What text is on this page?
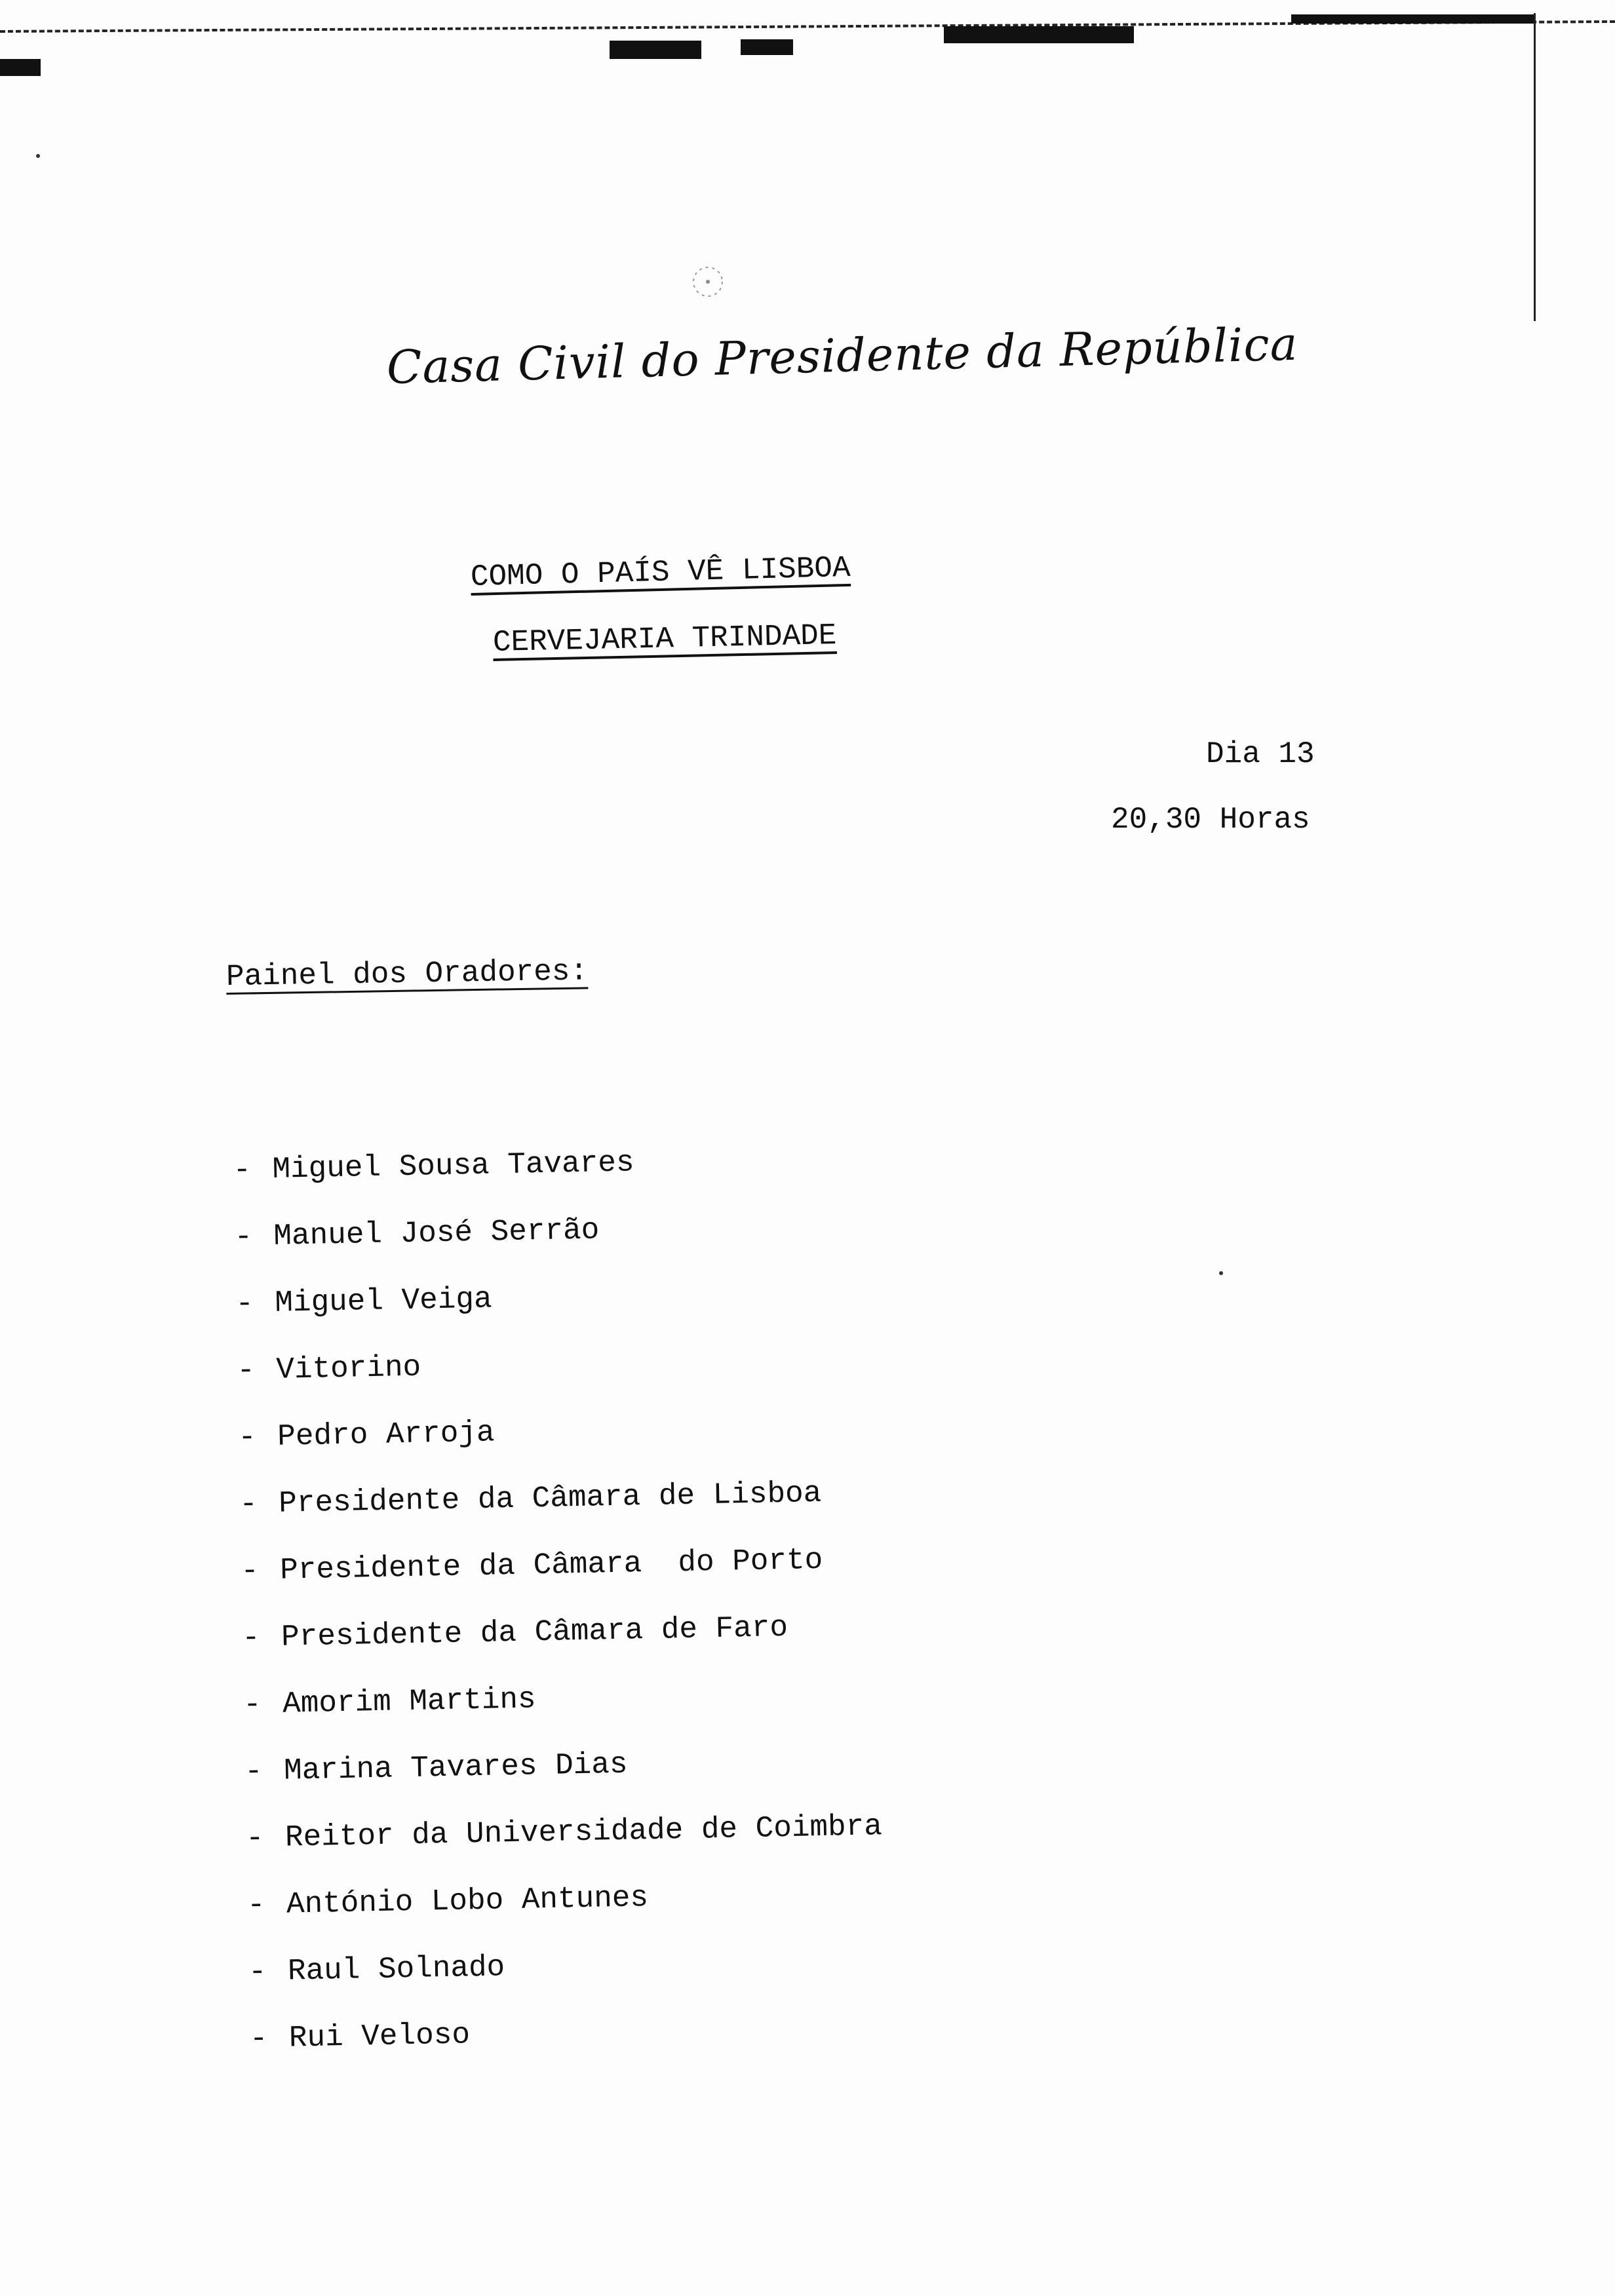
Casa Civil do Presidente da República
COMO O PAÍS VÊ LISBOA
CERVEJARIA TRINDADE
Dia 13
20,30 Horas
Painel dos Oradores:
- Miguel Sousa Tavares
- Manuel José Serrão
- Miguel Veiga
- Vitorino
- Pedro Arroja
- Presidente da Câmara de Lisboa
- Presidente da Câmara  do Porto
- Presidente da Câmara de Faro
- Amorim Martins
- Marina Tavares Dias
- Reitor da Universidade de Coimbra
- António Lobo Antunes
- Raul Solnado
- Rui Veloso
